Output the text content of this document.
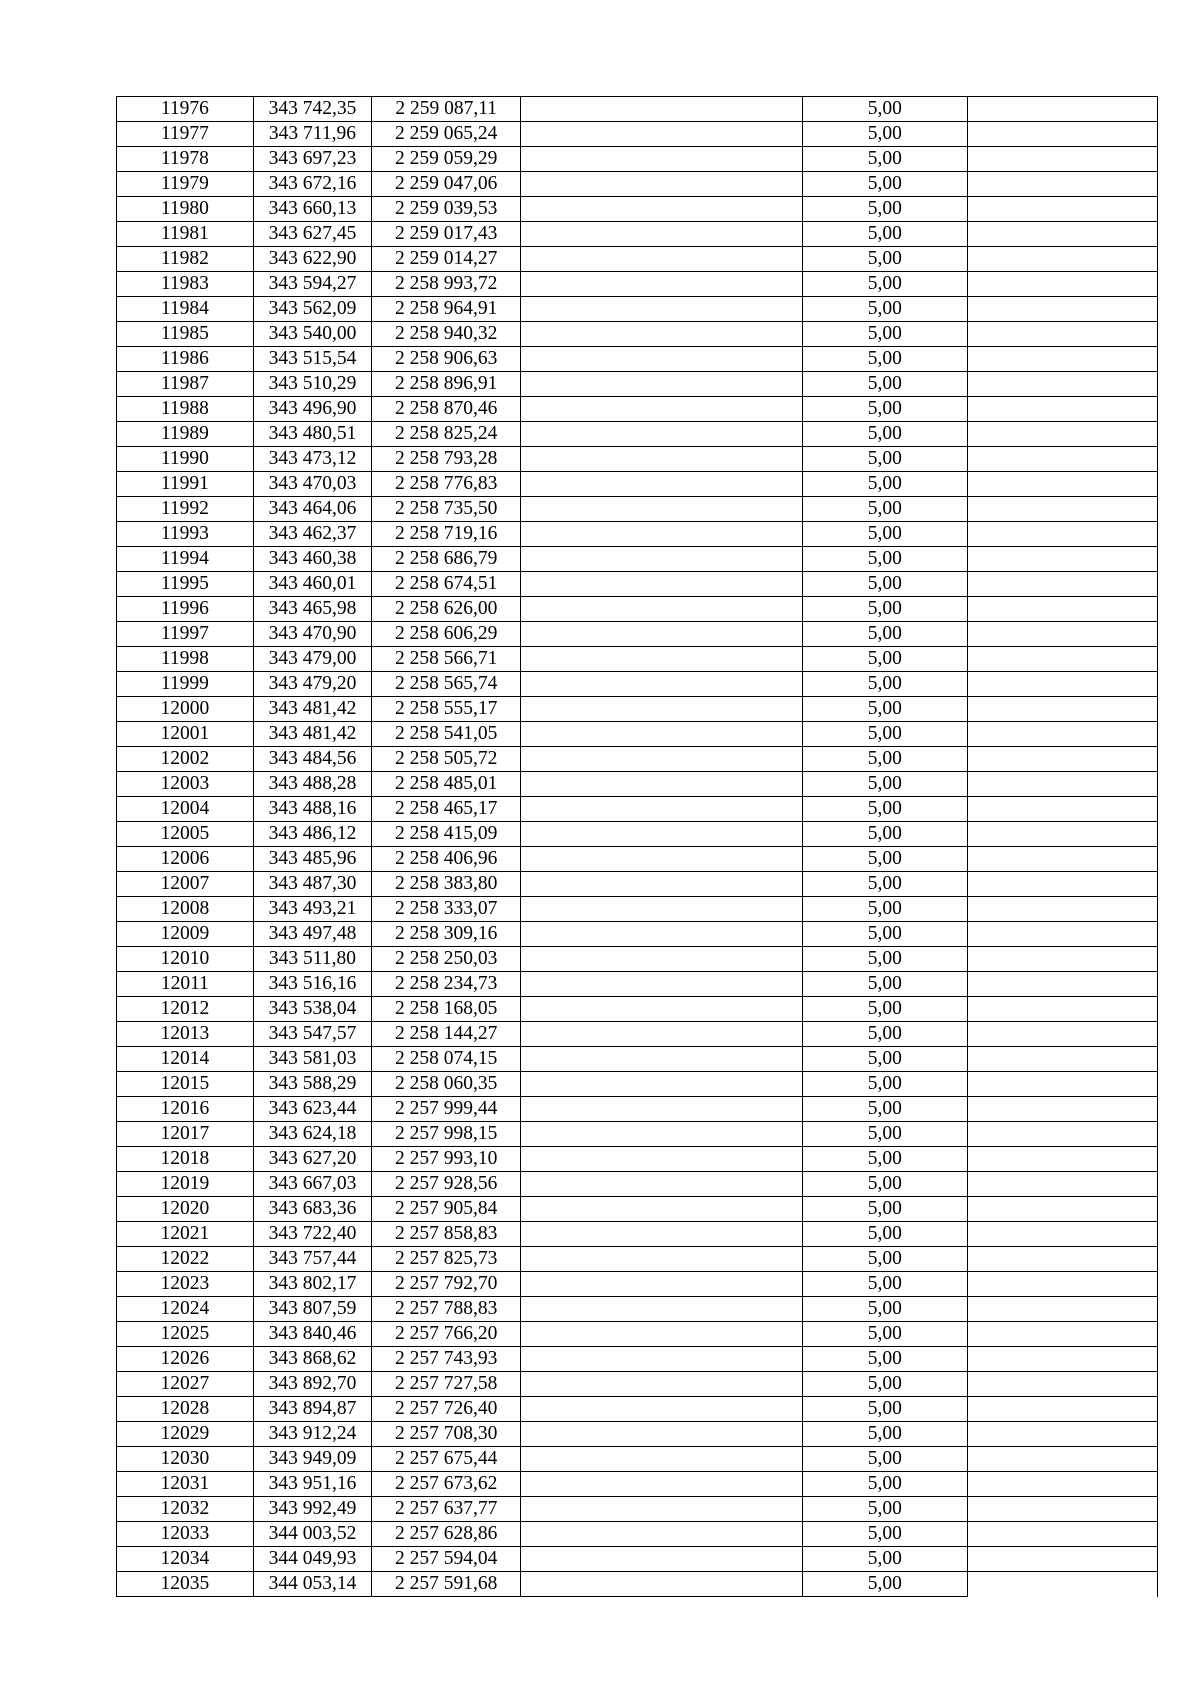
11976	343 742,35	2 259 087,11		5,00	
11977	343 711,96	2 259 065,24		5,00	
11978	343 697,23	2 259 059,29		5,00	
11979	343 672,16	2 259 047,06		5,00	
11980	343 660,13	2 259 039,53		5,00	
11981	343 627,45	2 259 017,43		5,00	
11982	343 622,90	2 259 014,27		5,00	
11983	343 594,27	2 258 993,72		5,00	
11984	343 562,09	2 258 964,91		5,00	
11985	343 540,00	2 258 940,32		5,00	
11986	343 515,54	2 258 906,63		5,00	
11987	343 510,29	2 258 896,91		5,00	
11988	343 496,90	2 258 870,46		5,00	
11989	343 480,51	2 258 825,24		5,00	
11990	343 473,12	2 258 793,28		5,00	
11991	343 470,03	2 258 776,83		5,00	
11992	343 464,06	2 258 735,50		5,00	
11993	343 462,37	2 258 719,16		5,00	
11994	343 460,38	2 258 686,79		5,00	
11995	343 460,01	2 258 674,51		5,00	
11996	343 465,98	2 258 626,00		5,00	
11997	343 470,90	2 258 606,29		5,00	
11998	343 479,00	2 258 566,71		5,00	
11999	343 479,20	2 258 565,74		5,00	
12000	343 481,42	2 258 555,17		5,00	
12001	343 481,42	2 258 541,05		5,00	
12002	343 484,56	2 258 505,72		5,00	
12003	343 488,28	2 258 485,01		5,00	
12004	343 488,16	2 258 465,17		5,00	
12005	343 486,12	2 258 415,09		5,00	
12006	343 485,96	2 258 406,96		5,00	
12007	343 487,30	2 258 383,80		5,00	
12008	343 493,21	2 258 333,07		5,00	
12009	343 497,48	2 258 309,16		5,00	
12010	343 511,80	2 258 250,03		5,00	
12011	343 516,16	2 258 234,73		5,00	
12012	343 538,04	2 258 168,05		5,00	
12013	343 547,57	2 258 144,27		5,00	
12014	343 581,03	2 258 074,15		5,00	
12015	343 588,29	2 258 060,35		5,00	
12016	343 623,44	2 257 999,44		5,00	
12017	343 624,18	2 257 998,15		5,00	
12018	343 627,20	2 257 993,10		5,00	
12019	343 667,03	2 257 928,56		5,00	
12020	343 683,36	2 257 905,84		5,00	
12021	343 722,40	2 257 858,83		5,00	
12022	343 757,44	2 257 825,73		5,00	
12023	343 802,17	2 257 792,70		5,00	
12024	343 807,59	2 257 788,83		5,00	
12025	343 840,46	2 257 766,20		5,00	
12026	343 868,62	2 257 743,93		5,00	
12027	343 892,70	2 257 727,58		5,00	
12028	343 894,87	2 257 726,40		5,00	
12029	343 912,24	2 257 708,30		5,00	
12030	343 949,09	2 257 675,44		5,00	
12031	343 951,16	2 257 673,62		5,00	
12032	343 992,49	2 257 637,77		5,00	
12033	344 003,52	2 257 628,86		5,00	
12034	344 049,93	2 257 594,04		5,00	
12035	344 053,14	2 257 591,68		5,00	
